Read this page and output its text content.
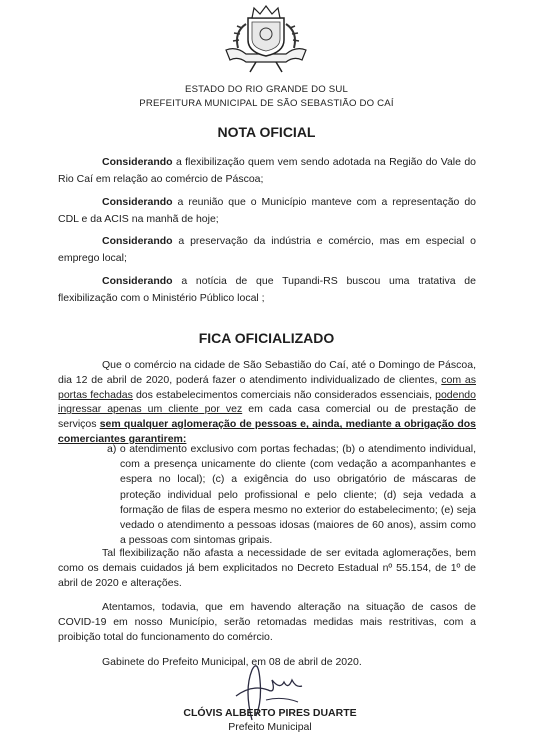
ESTADO DO RIO GRANDE DO SUL
PREFEITURA MUNICIPAL DE SÃO SEBASTIÃO DO CAÍ
NOTA OFICIAL
Considerando a flexibilização quem vem sendo adotada na Região do Vale do Rio Caí em relação ao comércio de Páscoa;
Considerando a reunião que o Município manteve com a representação do CDL e da ACIS na manhã de hoje;
Considerando a preservação da indústria e comércio, mas em especial o emprego local;
Considerando a notícia de que Tupandi-RS buscou uma tratativa de flexibilização com o Ministério Público local ;
FICA OFICIALIZADO
Que o comércio na cidade de São Sebastião do Caí, até o Domingo de Páscoa, dia 12 de abril de 2020, poderá fazer o atendimento individualizado de clientes, com as portas fechadas dos estabelecimentos comerciais não considerados essenciais, podendo ingressar apenas um cliente por vez em cada casa comercial ou de prestação de serviços sem qualquer aglomeração de pessoas e, ainda, mediante a obrigação dos comerciantes garantirem:
a) o atendimento exclusivo com portas fechadas; (b) o atendimento individual, com a presença unicamente do cliente (com vedação a acompanhantes e espera no local); (c) a exigência do uso obrigatório de máscaras de proteção individual pelo profissional e pelo cliente; (d) seja vedada a formação de filas de espera mesmo no exterior do estabelecimento; (e) seja vedado o atendimento a pessoas idosas (maiores de 60 anos), assim como a pessoas com sintomas gripais.
Tal flexibilização não afasta a necessidade de ser evitada aglomerações, bem como os demais cuidados já bem explicitados no Decreto Estadual nº 55.154, de 1º de abril de 2020 e alterações.
Atentamos, todavia, que em havendo alteração na situação de casos de COVID-19 em nosso Município, serão retomadas medidas mais restritivas, com a proibição total do funcionamento do comércio.
Gabinete do Prefeito Municipal, em 08 de abril de 2020.
CLÓVIS ALBERTO PIRES DUARTE
Prefeito Municipal
